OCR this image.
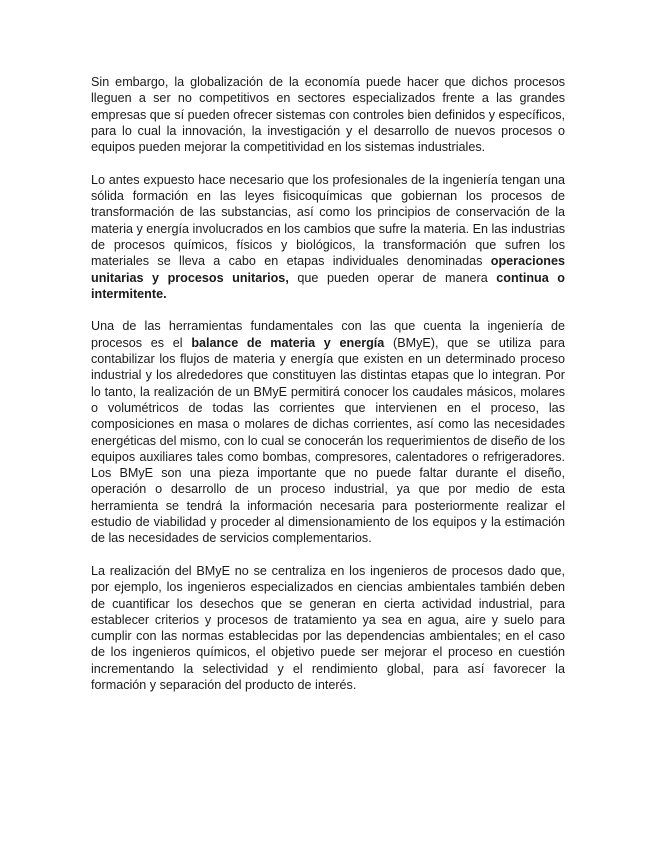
Sin embargo, la globalización de la economía puede hacer que dichos procesos lleguen a ser no competitivos en sectores especializados frente a las grandes empresas que sí pueden ofrecer sistemas con controles bien definidos y específicos, para lo cual la innovación, la investigación y el desarrollo de nuevos procesos o equipos pueden mejorar la competitividad en los sistemas industriales.

Lo antes expuesto hace necesario que los profesionales de la ingeniería tengan una sólida formación en las leyes fisicoquímicas que gobiernan los procesos de transformación de las substancias, así como los principios de conservación de la materia y energía involucrados en los cambios que sufre la materia. En las industrias de procesos químicos, físicos y biológicos, la transformación que sufren los materiales se lleva a cabo en etapas individuales denominadas operaciones unitarias y procesos unitarios, que pueden operar de manera continua o intermitente.

Una de las herramientas fundamentales con las que cuenta la ingeniería de procesos es el balance de materia y energía (BMyE), que se utiliza para contabilizar los flujos de materia y energía que existen en un determinado proceso industrial y los alrededores que constituyen las distintas etapas que lo integran. Por lo tanto, la realización de un BMyE permitirá conocer los caudales másicos, molares o volumétricos de todas las corrientes que intervienen en el proceso, las composiciones en masa o molares de dichas corrientes, así como las necesidades energéticas del mismo, con lo cual se conocerán los requerimientos de diseño de los equipos auxiliares tales como bombas, compresores, calentadores o refrigeradores. Los BMyE son una pieza importante que no puede faltar durante el diseño, operación o desarrollo de un proceso industrial, ya que por medio de esta herramienta se tendrá la información necesaria para posteriormente realizar el estudio de viabilidad y proceder al dimensionamiento de los equipos y la estimación de las necesidades de servicios complementarios.

La realización del BMyE no se centraliza en los ingenieros de procesos dado que, por ejemplo, los ingenieros especializados en ciencias ambientales también deben de cuantificar los desechos que se generan en cierta actividad industrial, para establecer criterios y procesos de tratamiento ya sea en agua, aire y suelo para cumplir con las normas establecidas por las dependencias ambientales; en el caso de los ingenieros químicos, el objetivo puede ser mejorar el proceso en cuestión incrementando la selectividad y el rendimiento global, para así favorecer la formación y separación del producto de interés.
